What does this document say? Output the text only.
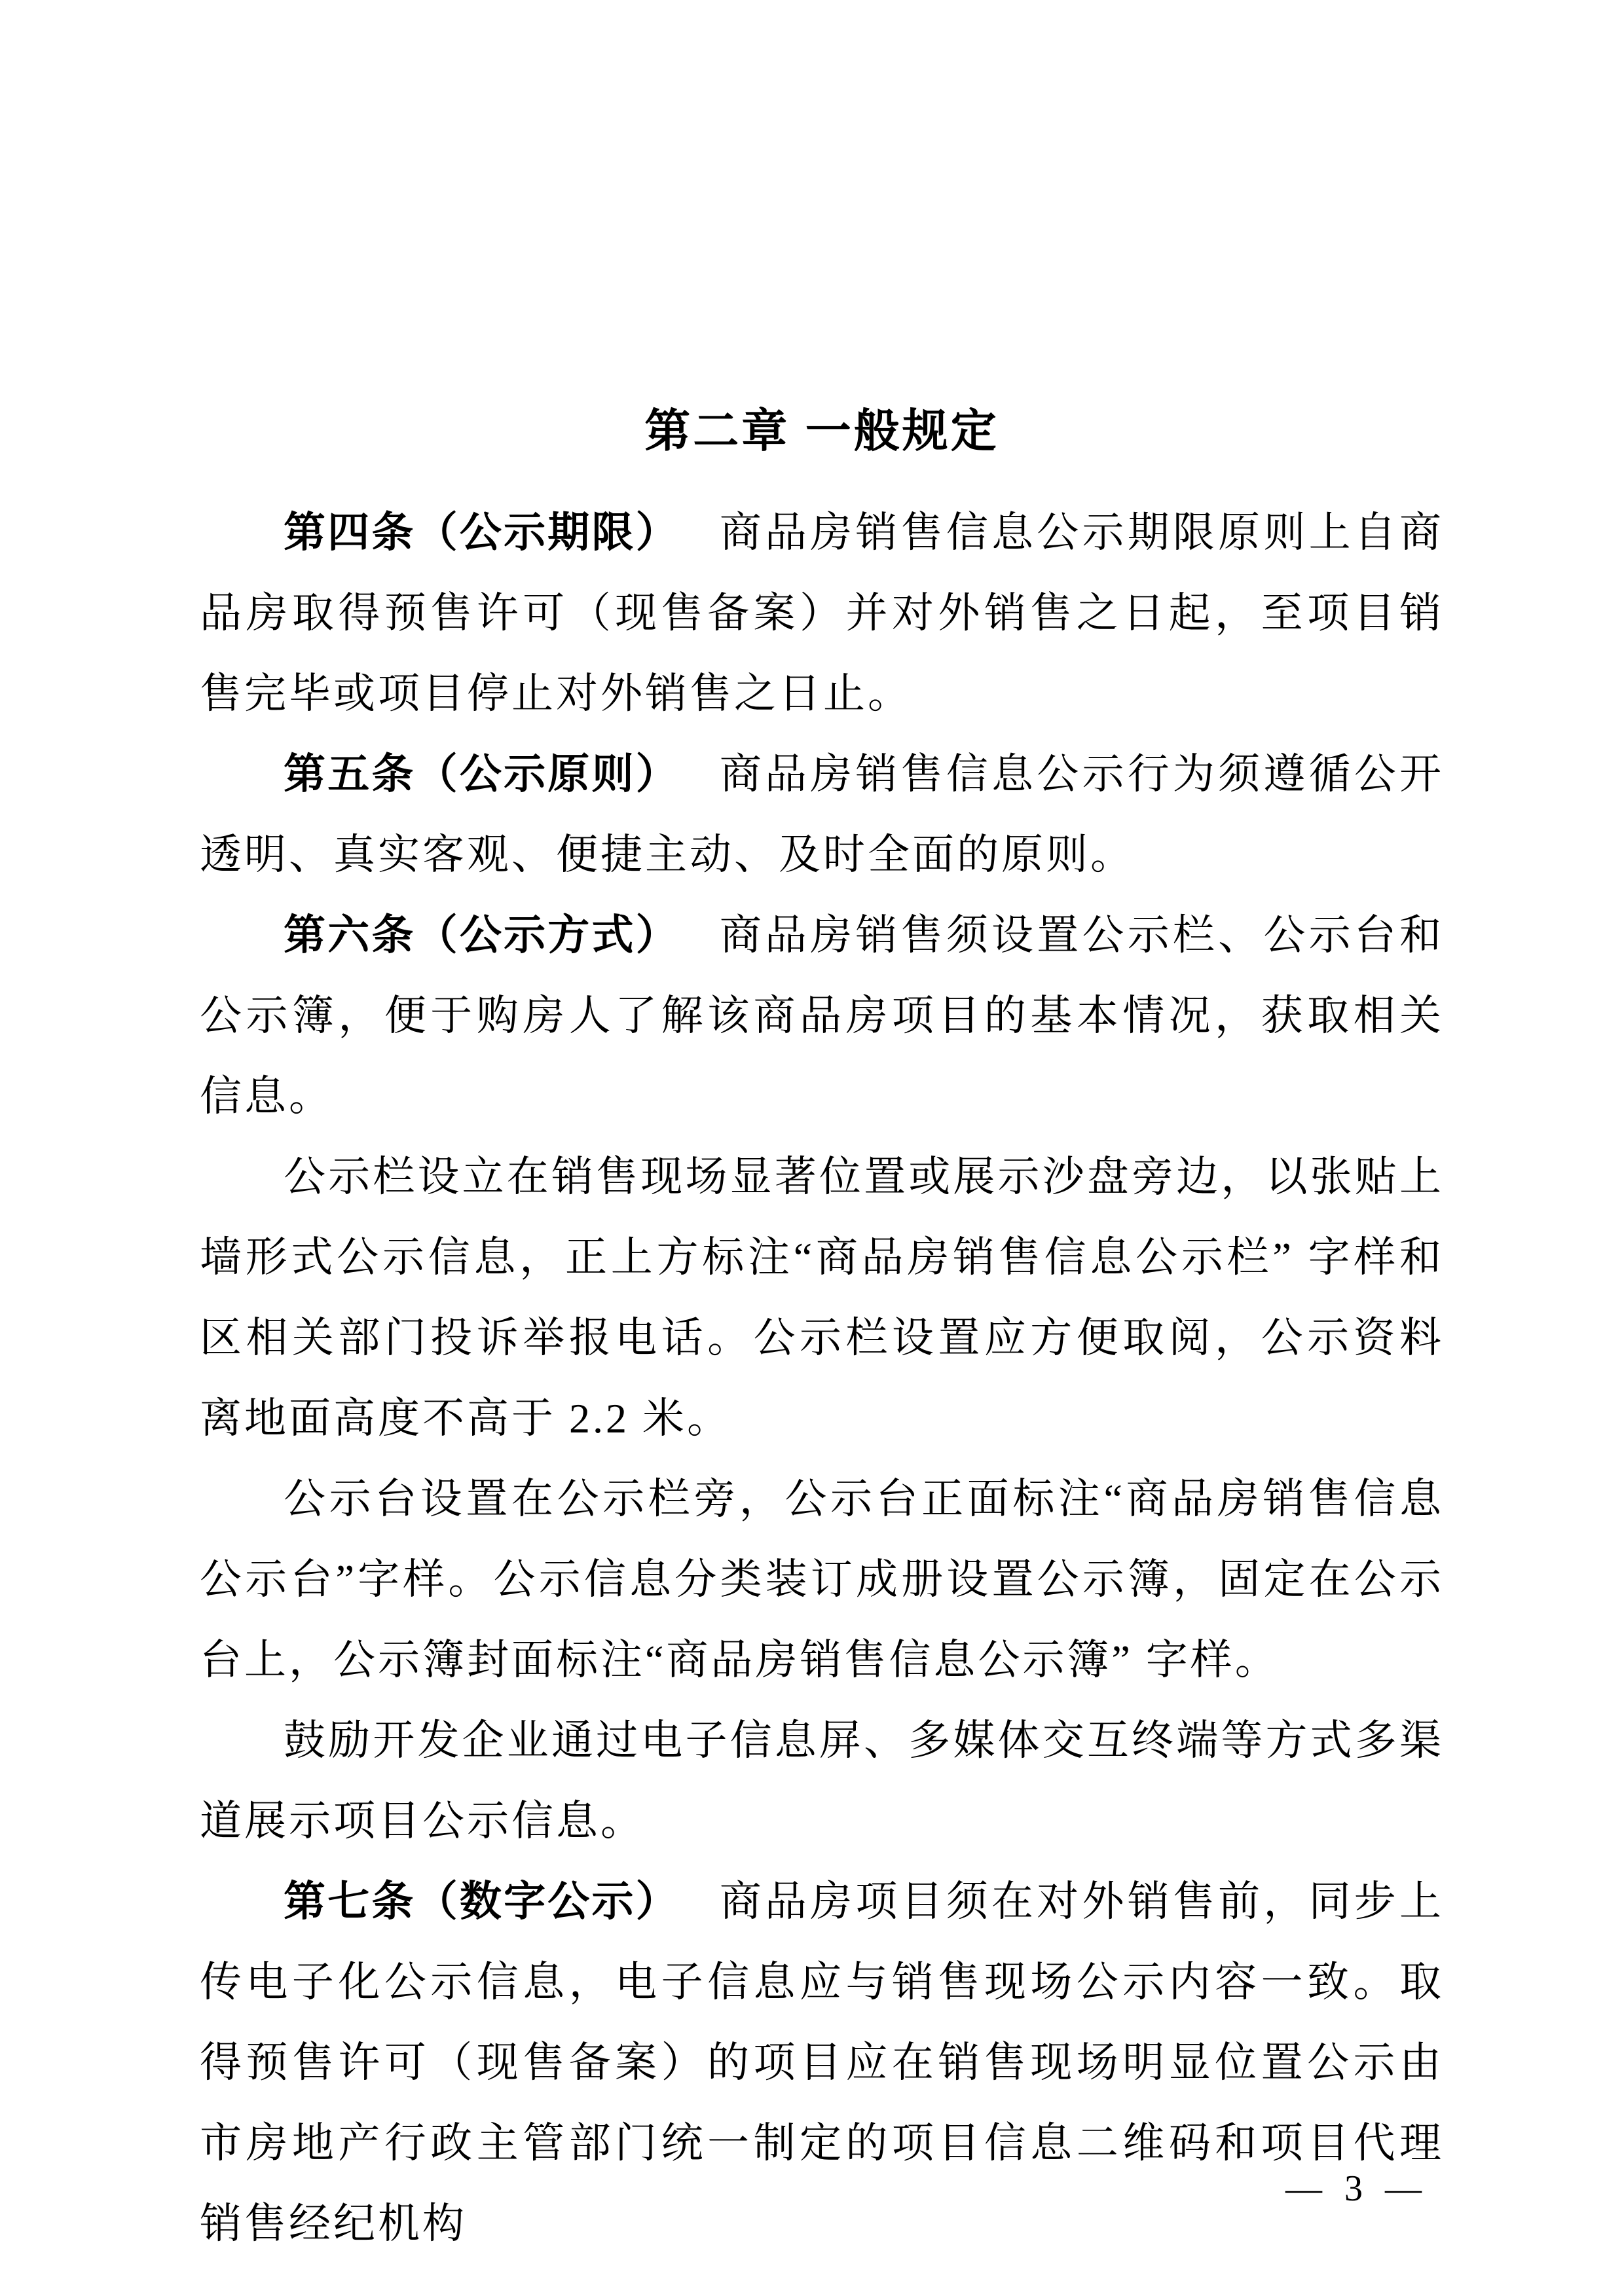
第二章 一般规定

第四条（公示期限） 商品房销售信息公示期限原则上自商品房取得预售许可（现售备案）并对外销售之日起，至项目销售完毕或项目停止对外销售之日止。

第五条（公示原则） 商品房销售信息公示行为须遵循公开透明、真实客观、便捷主动、及时全面的原则。

第六条（公示方式） 商品房销售须设置公示栏、公示台和公示簿，便于购房人了解该商品房项目的基本情况，获取相关信息。

公示栏设立在销售现场显著位置或展示沙盘旁边，以张贴上墙形式公示信息，正上方标注“商品房销售信息公示栏” 字样和区相关部门投诉举报电话。公示栏设置应方便取阅，公示资料离地面高度不高于 2.2 米。

公示台设置在公示栏旁，公示台正面标注“商品房销售信息公示台”字样。公示信息分类装订成册设置公示簿，固定在公示台上，公示簿封面标注“商品房销售信息公示簿” 字样。

鼓励开发企业通过电子信息屏、多媒体交互终端等方式多渠道展示项目公示信息。

第七条（数字公示） 商品房项目须在对外销售前，同步上传电子化公示信息，电子信息应与销售现场公示内容一致。取得预售许可（现售备案）的项目应在销售现场明显位置公示由市房地产行政主管部门统一制定的项目信息二维码和项目代理销售经纪机构

— 3 —
